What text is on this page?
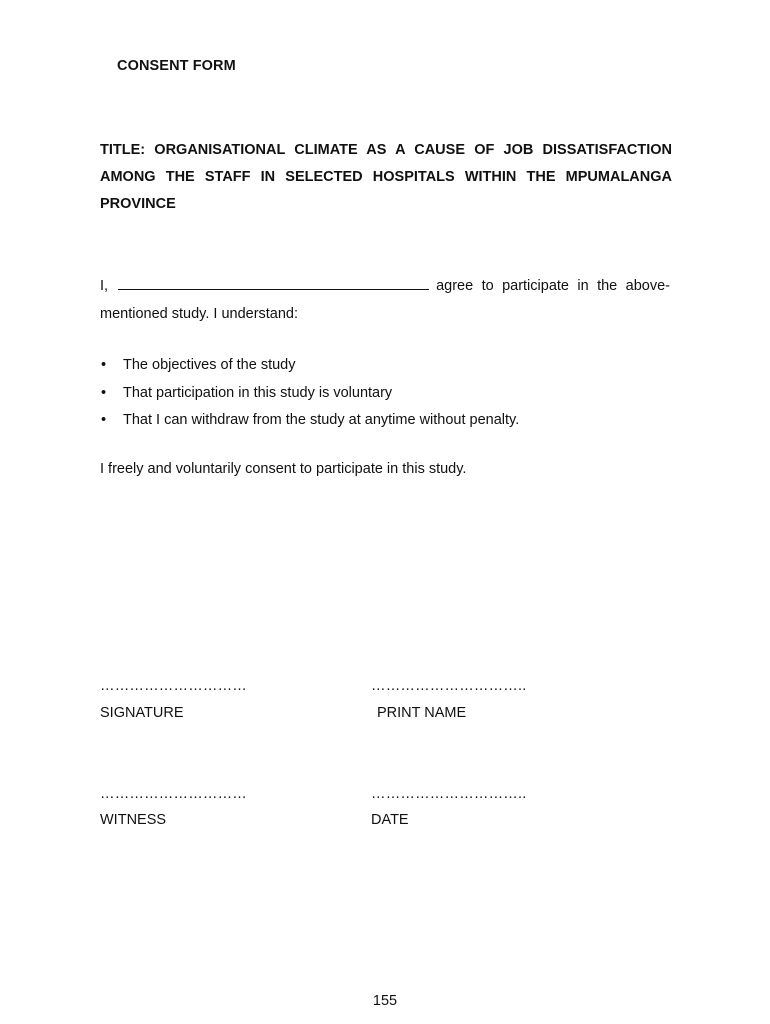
CONSENT FORM
TITLE: ORGANISATIONAL CLIMATE AS A CAUSE OF JOB DISSATISFACTION
AMONG THE STAFF IN SELECTED HOSPITALS WITHIN THE MPUMALANGA
PROVINCE
I,	agree to participate in the above-
mentioned study. I understand:
• The objectives of the study
• That participation in this study is voluntary
• That I can withdraw from the study at anytime without penalty.
I freely and voluntarily consent to participate in this study.
…………………………	…………………………..
SIGNATURE	PRINT NAME
…………………………	…………………………..
WITNESS	DATE
155
